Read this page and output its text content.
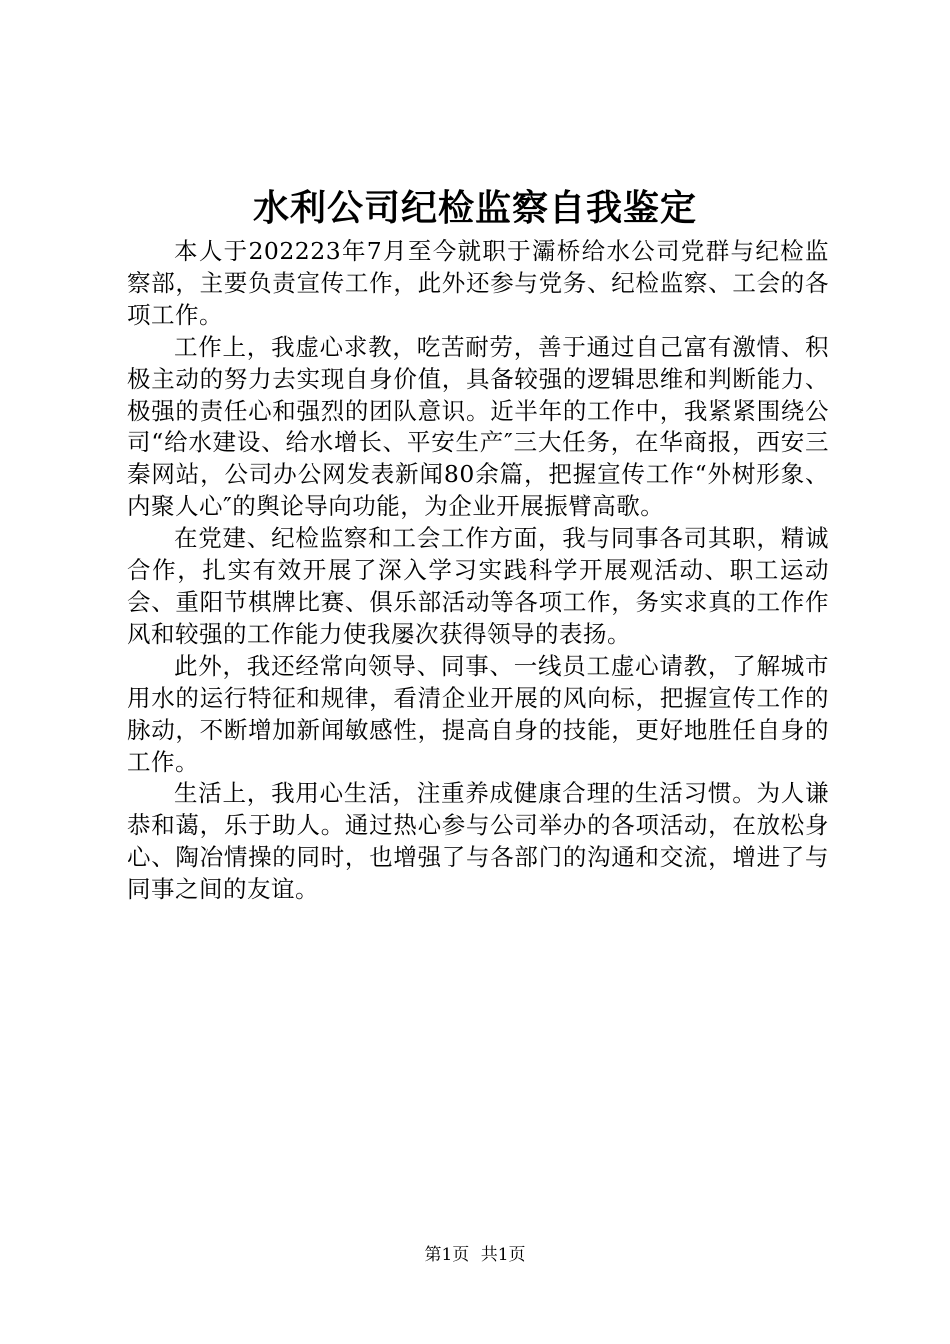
水利公司纪检监察自我鉴定

本人于202223年7月至今就职于灞桥给水公司党群与纪检监察部，主要负责宣传工作，此外还参与党务、纪检监察、工会的各项工作。

工作上，我虚心求教，吃苦耐劳，善于通过自己富有激情、积极主动的努力去实现自身价值，具备较强的逻辑思维和判断能力、极强的责任心和强烈的团队意识。近半年的工作中，我紧紧围绕公司“给水建设、给水增长、平安生产″三大任务，在华商报，西安三秦网站，公司办公网发表新闻80余篇，把握宣传工作“外树形象、内聚人心″的舆论导向功能，为企业开展振臂高歌。

在党建、纪检监察和工会工作方面，我与同事各司其职，精诚合作，扎实有效开展了深入学习实践科学开展观活动、职工运动会、重阳节棋牌比赛、俱乐部活动等各项工作，务实求真的工作作风和较强的工作能力使我屡次获得领导的表扬。

此外，我还经常向领导、同事、一线员工虚心请教，了解城市用水的运行特征和规律，看清企业开展的风向标，把握宣传工作的脉动，不断增加新闻敏感性，提高自身的技能，更好地胜任自身的工作。

生活上，我用心生活，注重养成健康合理的生活习惯。为人谦恭和蔼，乐于助人。通过热心参与公司举办的各项活动，在放松身心、陶冶情操的同时，也增强了与各部门的沟通和交流，增进了与同事之间的友谊。

第1页 共1页
